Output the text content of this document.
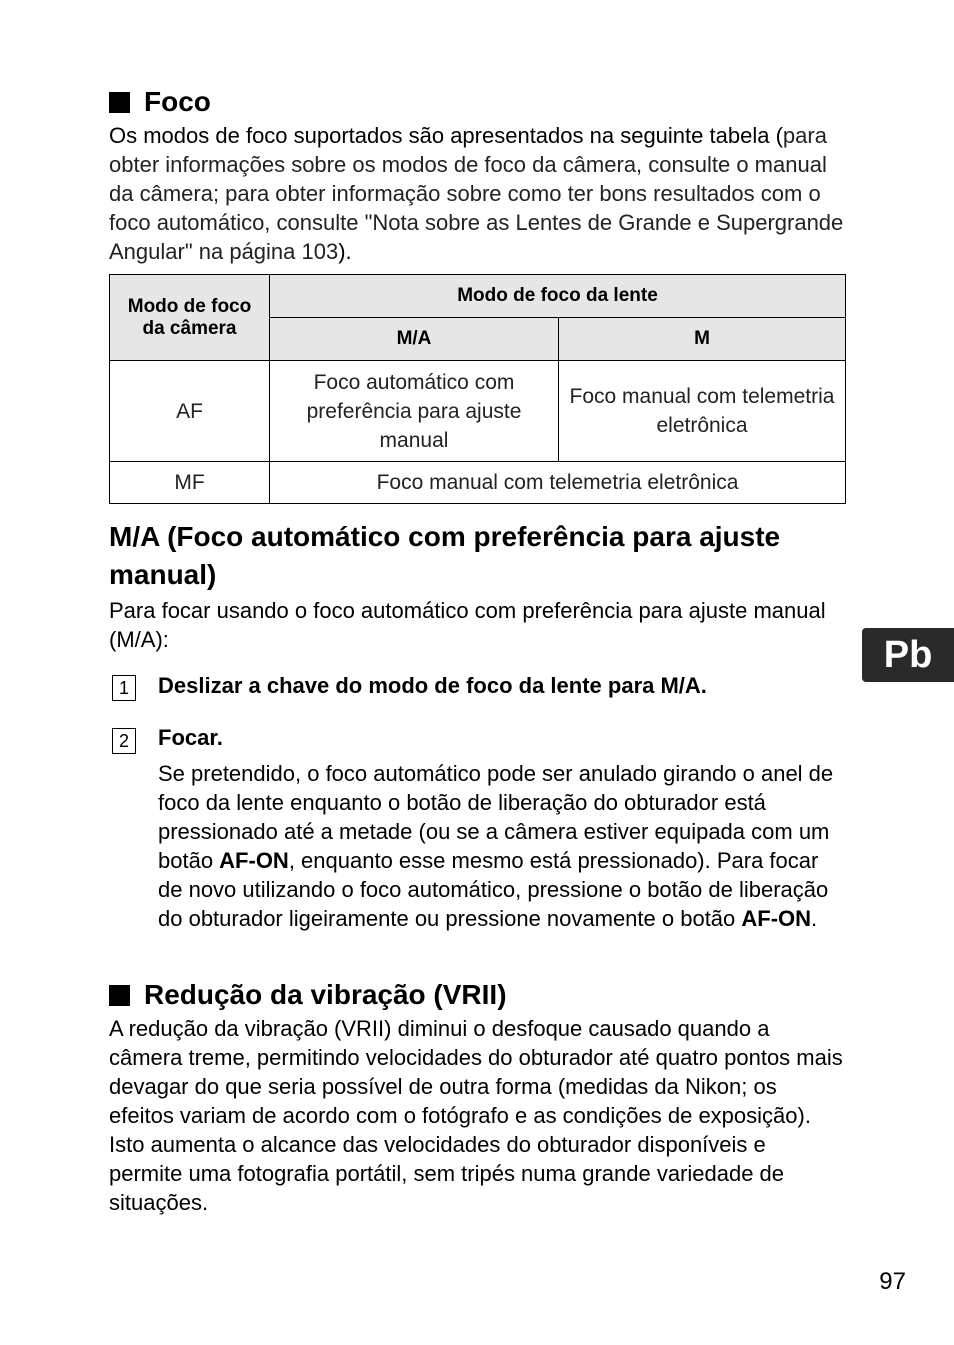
Foco
Os modos de foco suportados são apresentados na seguinte tabela (para obter informações sobre os modos de foco da câmera, consulte o manual da câmera; para obter informação sobre como ter bons resultados com o foco automático, consulte "Nota sobre as Lentes de Grande e Supergrande Angular" na página 103).
Modo de foco da câmera	Modo de foco da lente	
	M/A	M
AF	Foco automático com preferência para ajuste manual	Foco manual com telemetria eletrônica
MF	Foco manual com telemetria eletrônica	
M/A (Foco automático com preferência para ajuste manual)
Para focar usando o foco automático com preferência para ajuste manual (M/A):
1	Deslizar a chave do modo de foco da lente para M/A.
2	Focar.
Se pretendido, o foco automático pode ser anulado girando o anel de foco da lente enquanto o botão de liberação do obturador está pressionado até a metade (ou se a câmera estiver equipada com um botão AF-ON, enquanto esse mesmo está pressionado). Para focar de novo utilizando o foco automático, pressione o botão de liberação do obturador ligeiramente ou pressione novamente o botão AF-ON.
Redução da vibração (VRII)
A redução da vibração (VRII) diminui o desfoque causado quando a câmera treme, permitindo velocidades do obturador até quatro pontos mais devagar do que seria possível de outra forma (medidas da Nikon; os efeitos variam de acordo com o fotógrafo e as condições de exposição). Isto aumenta o alcance das velocidades do obturador disponíveis e permite uma fotografia portátil, sem tripés numa grande variedade de situações.
Pb
97
